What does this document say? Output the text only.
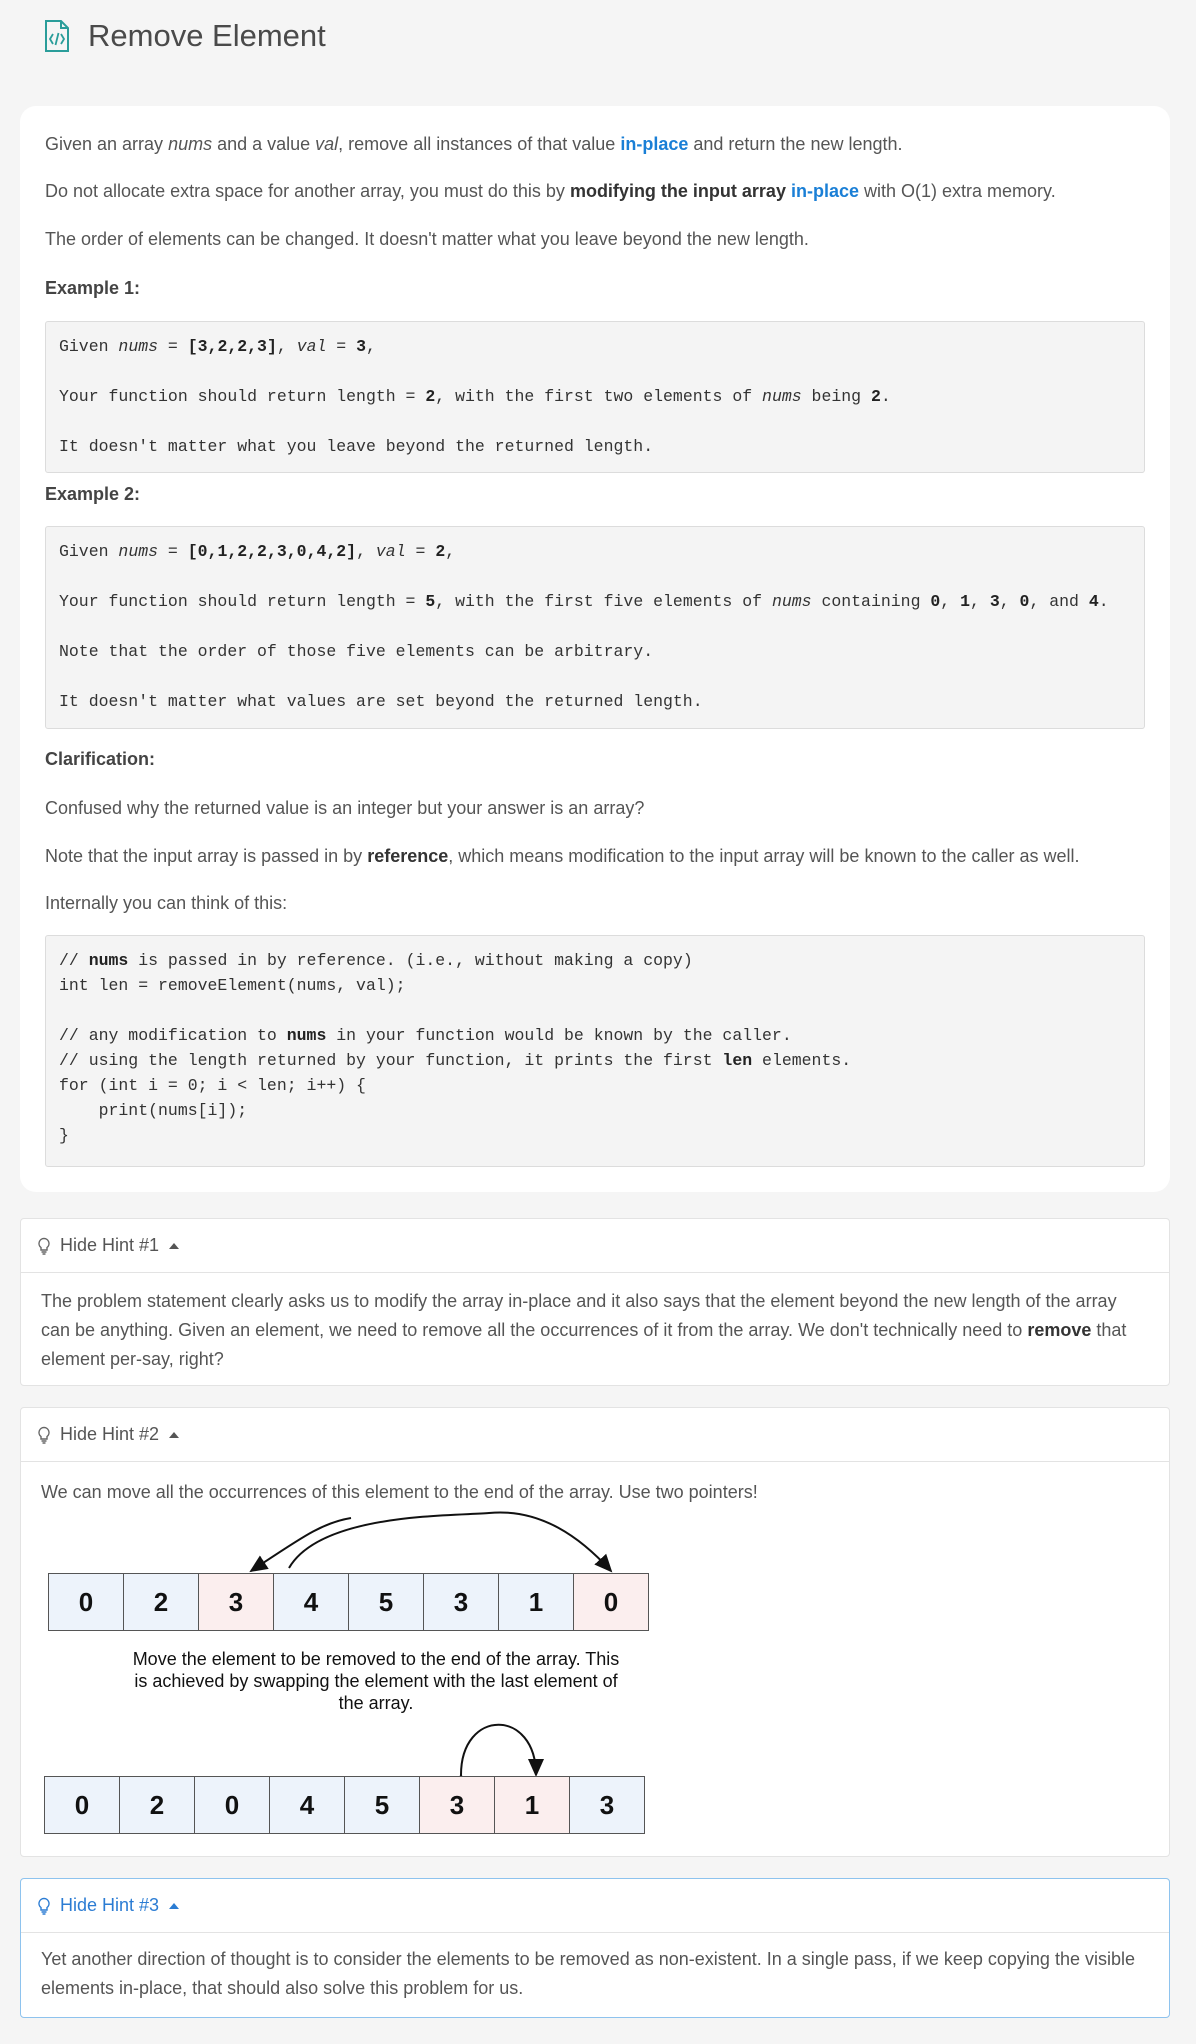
Remove Element
Given an array nums and a value val, remove all instances of that value in-place and return the new length.
Do not allocate extra space for another array, you must do this by modifying the input array in-place with O(1) extra memory.
The order of elements can be changed. It doesn't matter what you leave beyond the new length.
Example 1:
Given nums = [3,2,2,3], val = 3,
Your function should return length = 2, with the first two elements of nums being 2.
It doesn't matter what you leave beyond the returned length.
Example 2:
Given nums = [0,1,2,2,3,0,4,2], val = 2,
Your function should return length = 5, with the first five elements of nums containing 0, 1, 3, 0, and 4.
Note that the order of those five elements can be arbitrary.
It doesn't matter what values are set beyond the returned length.
Clarification:
Confused why the returned value is an integer but your answer is an array?
Note that the input array is passed in by reference, which means modification to the input array will be known to the caller as well.
Internally you can think of this:
// nums is passed in by reference. (i.e., without making a copy)
int len = removeElement(nums, val);
// any modification to nums in your function would be known by the caller.
// using the length returned by your function, it prints the first len elements.
for (int i = 0; i < len; i++) {
print(nums[i]);
}
Hide Hint #1
The problem statement clearly asks us to modify the array in-place and it also says that the element beyond the new length of the array can be anything. Given an element, we need to remove all the occurrences of it from the array. We don't technically need to remove that element per-say, right?
Hide Hint #2
We can move all the occurrences of this element to the end of the array. Use two pointers!
0	2	3	4	5	3	1	0
Move the element to be removed to the end of the array. This
is achieved by swapping the element with the last element of
the array.
0	2	0	4	5	3	1	3
Hide Hint #3
Yet another direction of thought is to consider the elements to be removed as non-existent. In a single pass, if we keep copying the visible elements in-place, that should also solve this problem for us.
